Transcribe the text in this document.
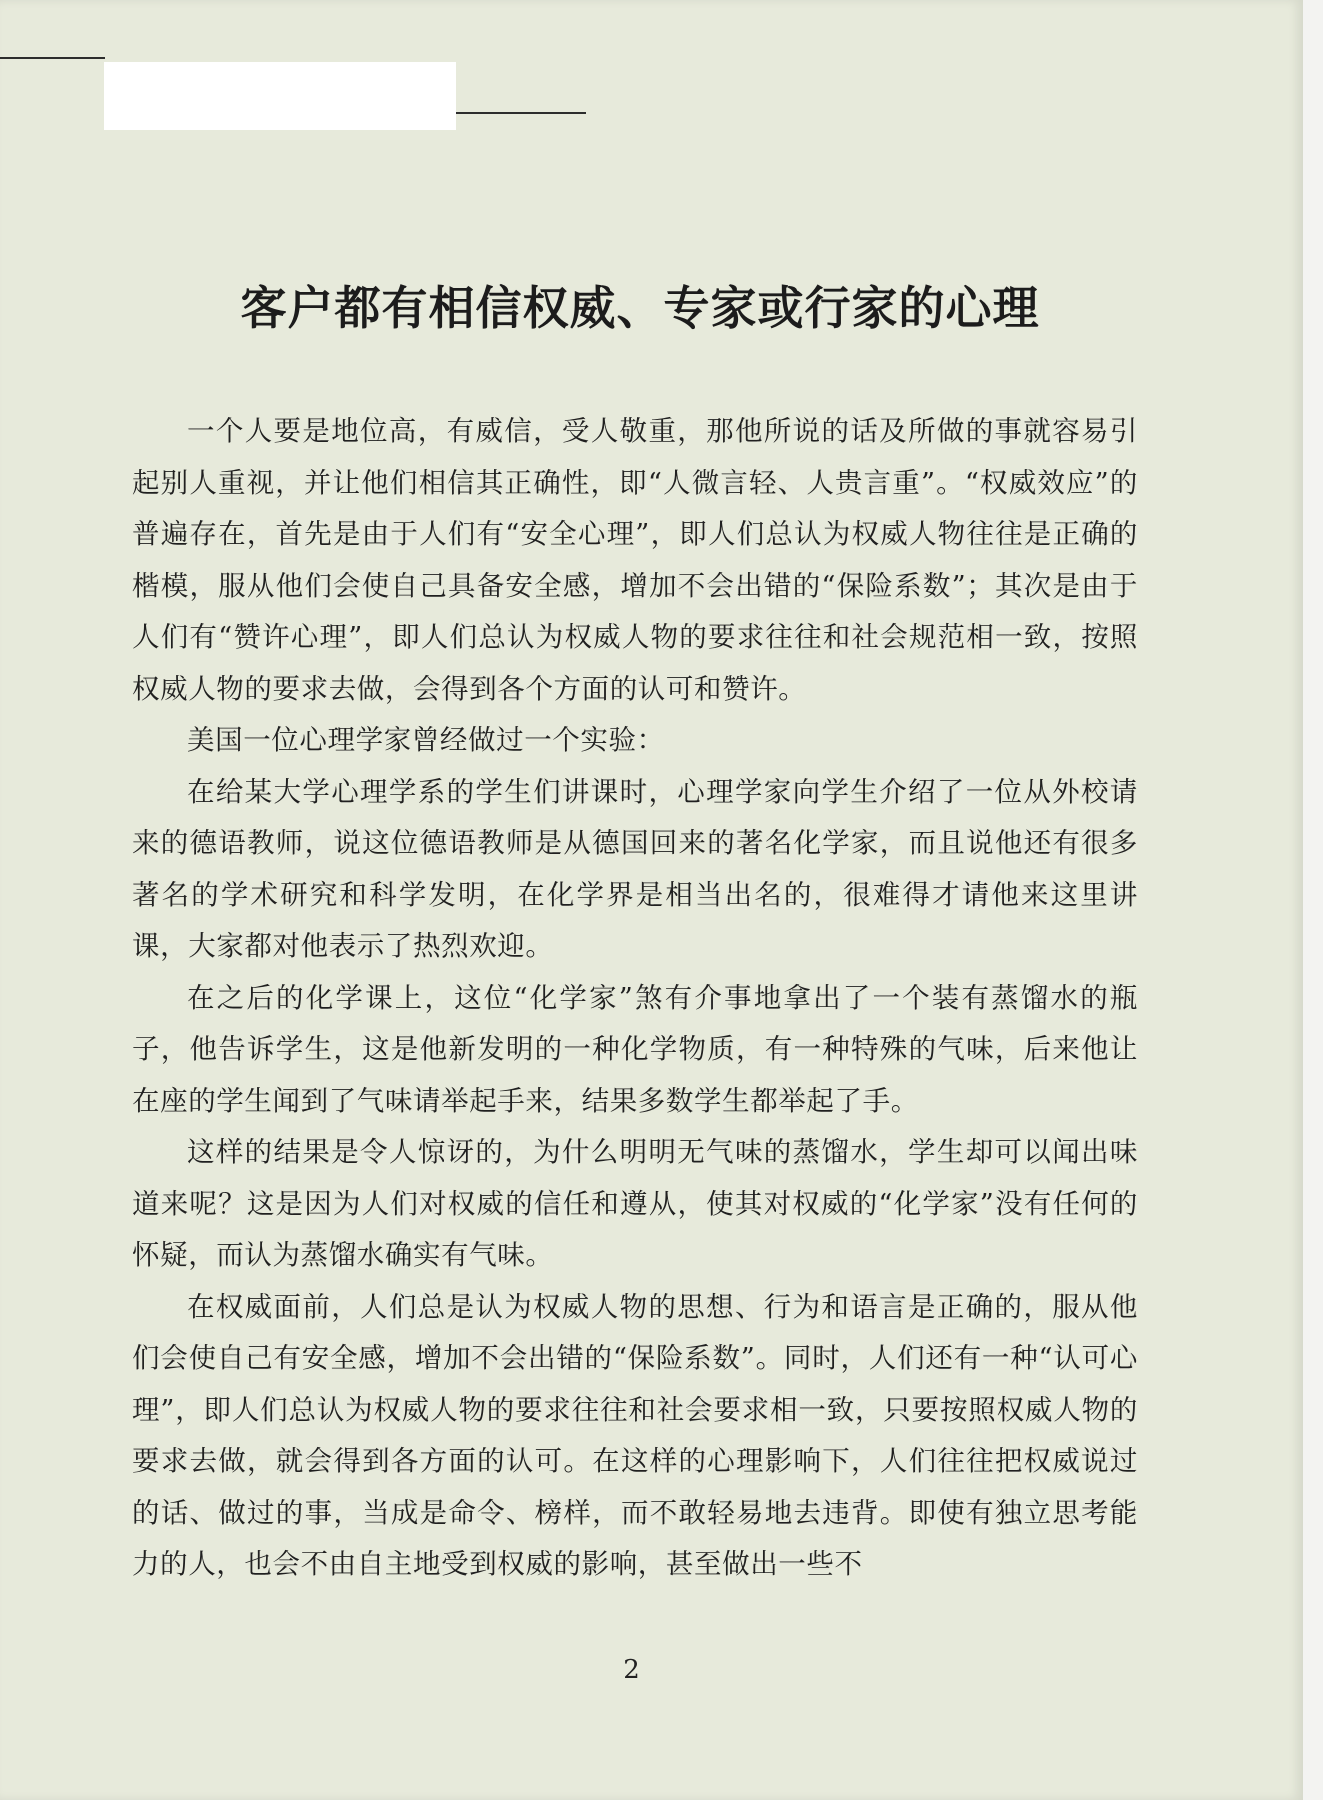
客户都有相信权威、专家或行家的心理

一个人要是地位高，有威信，受人敬重，那他所说的话及所做的事就容易引起别人重视，并让他们相信其正确性，即“人微言轻、人贵言重”。“权威效应”的普遍存在，首先是由于人们有“安全心理”，即人们总认为权威人物往往是正确的楷模，服从他们会使自己具备安全感，增加不会出错的“保险系数”；其次是由于人们有“赞许心理”，即人们总认为权威人物的要求往往和社会规范相一致，按照权威人物的要求去做，会得到各个方面的认可和赞许。

美国一位心理学家曾经做过一个实验：

在给某大学心理学系的学生们讲课时，心理学家向学生介绍了一位从外校请来的德语教师，说这位德语教师是从德国回来的著名化学家，而且说他还有很多著名的学术研究和科学发明，在化学界是相当出名的，很难得才请他来这里讲课，大家都对他表示了热烈欢迎。

在之后的化学课上，这位“化学家”煞有介事地拿出了一个装有蒸馏水的瓶子，他告诉学生，这是他新发明的一种化学物质，有一种特殊的气味，后来他让在座的学生闻到了气味请举起手来，结果多数学生都举起了手。

这样的结果是令人惊讶的，为什么明明无气味的蒸馏水，学生却可以闻出味道来呢？这是因为人们对权威的信任和遵从，使其对权威的“化学家”没有任何的怀疑，而认为蒸馏水确实有气味。

在权威面前，人们总是认为权威人物的思想、行为和语言是正确的，服从他们会使自己有安全感，增加不会出错的“保险系数”。同时，人们还有一种“认可心理”，即人们总认为权威人物的要求往往和社会要求相一致，只要按照权威人物的要求去做，就会得到各方面的认可。在这样的心理影响下，人们往往把权威说过的话、做过的事，当成是命令、榜样，而不敢轻易地去违背。即使有独立思考能力的人，也会不由自主地受到权威的影响，甚至做出一些不

2
